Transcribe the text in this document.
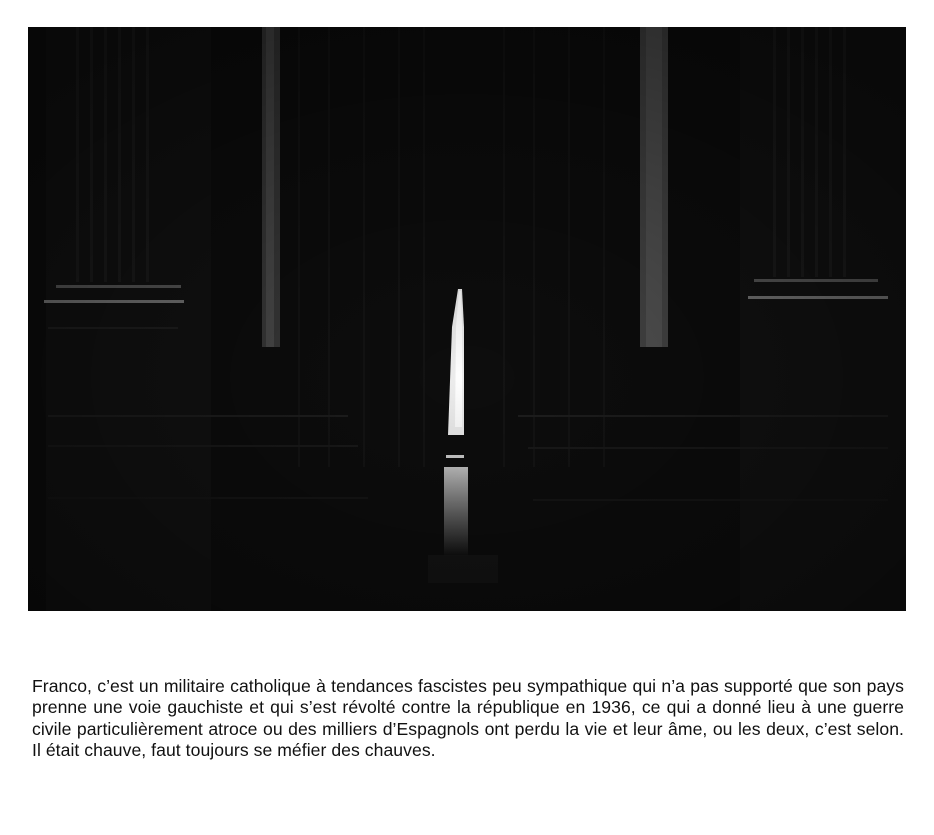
Franco, c’est un militaire catholique à tendances fascistes peu sympathique qui n’a pas supporté que son pays prenne une voie gauchiste et qui s’est révolté contre la république en 1936, ce qui a donné lieu à une guerre civile particulièrement atroce ou des milliers d’Espagnols ont perdu la vie et leur âme, ou les deux, c’est selon. Il était chauve, faut toujours se méfier des chauves.
